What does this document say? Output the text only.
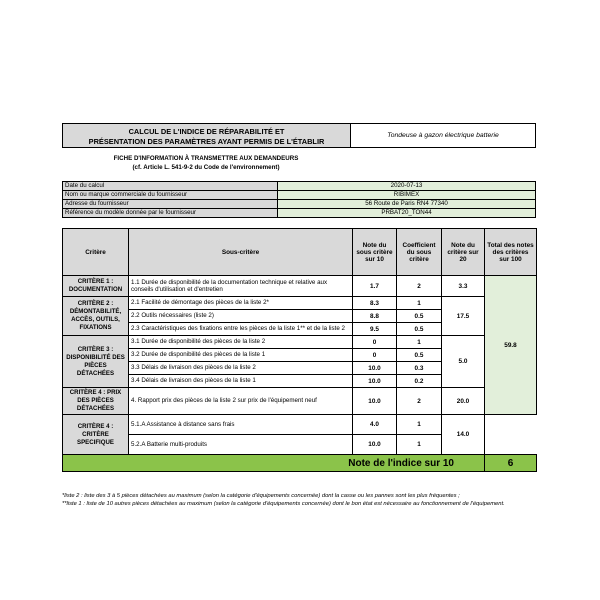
CALCUL DE L'INDICE DE RÉPARABILITÉ ET
PRÉSENTATION DES PARAMÈTRES AYANT PERMIS DE L'ÉTABLIR
Tondeuse à gazon électrique batterie
FICHE D'INFORMATION À TRANSMETTRE AUX DEMANDEURS
(cf. Article L. 541-9-2 du Code de l'environnement)
Date du calcul	2020-07-13
Nom ou marque commerciale du fournisseur	RIBIMEX
Adresse du fournisseur	56 Route de Paris RN4 77340
Référence du modèle donnée par le fournisseur	PRBAT20_TON44
Critère	Sous-critère	Note du sous critère sur 10	Coefficient du sous critère	Note du critère sur 20	Total des notes des critères sur 100
CRITÈRE 1 : DOCUMENTATION	1.1 Durée de disponibilité de la documentation technique et relative aux conseils d'utilisation et d'entretien	1.7	2	3.3	59.8
CRITÈRE 2 : DÉMONTABILITÉ, ACCÈS, OUTILS, FIXATIONS	2.1 Facilité de démontage des pièces de la liste 2*	8.3	1	17.5	
	2.2 Outils nécessaires (liste 2)	8.8	0.5		
	2.3 Caractéristiques des fixations entre les pièces de la liste 1** et de la liste 2	9.5	0.5		
CRITÈRE 3 : DISPONIBILITÉ DES PIÈCES DÉTACHÉES	3.1 Durée de disponibilité des pièces de la liste 2	0	1	5.0	
	3.2 Durée de disponibilité des pièces de la liste 1	0	0.5		
	3.3 Délais de livraison des pièces de la liste 2	10.0	0.3		
	3.4 Délais de livraison des pièces de la liste 1	10.0	0.2		
CRITÈRE 4 : PRIX DES PIÈCES DÉTACHÉES	4. Rapport prix des pièces de la liste 2 sur prix de l'équipement neuf	10.0	2	20.0	
CRITÈRE 4 : CRITÈRE SPECIFIQUE	5.1.A Assistance à distance sans frais	4.0	1	14.0	
	5.2.A Batterie multi-produits	10.0	1		
Note de l'indice sur 10					6
*liste 2 : liste des 3 à 5 pièces détachées au maximum (selon la catégorie d'équipements concernée) dont la casse ou les pannes sont les plus fréquentes ;
**liste 1 : liste de 10 autres pièces détachées au maximum (selon la catégorie d'équipements concernée) dont le bon état est nécessaire au fonctionnement de l'équipement.
